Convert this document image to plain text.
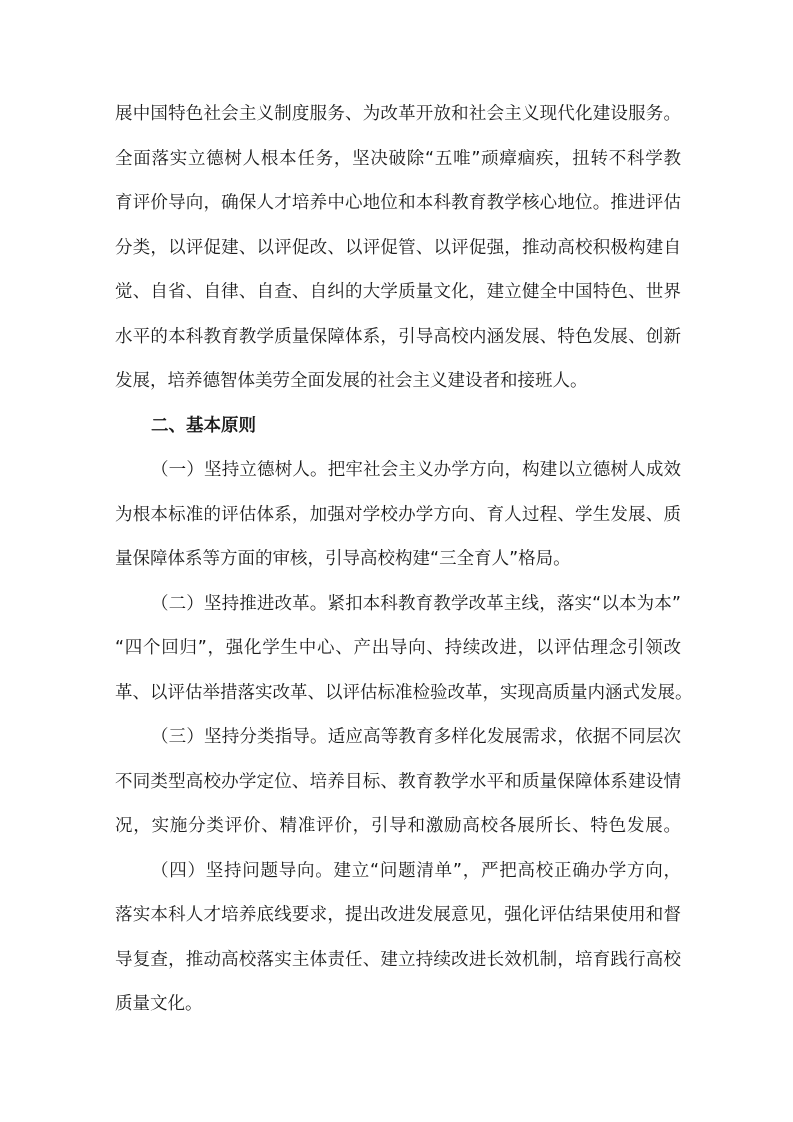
展中国特色社会主义制度服务、为改革开放和社会主义现代化建设服务。
全面落实立德树人根本任务，坚决破除“五唯”顽瘴痼疾，扭转不科学教
育评价导向，确保人才培养中心地位和本科教育教学核心地位。推进评估
分类，以评促建、以评促改、以评促管、以评促强，推动高校积极构建自
觉、自省、自律、自查、自纠的大学质量文化，建立健全中国特色、世界
水平的本科教育教学质量保障体系，引导高校内涵发展、特色发展、创新
发展，培养德智体美劳全面发展的社会主义建设者和接班人。
二、基本原则
（一）坚持立德树人。把牢社会主义办学方向，构建以立德树人成效
为根本标准的评估体系，加强对学校办学方向、育人过程、学生发展、质
量保障体系等方面的审核，引导高校构建“三全育人”格局。
（二）坚持推进改革。紧扣本科教育教学改革主线，落实“以本为本”
“四个回归”，强化学生中心、产出导向、持续改进，以评估理念引领改
革、以评估举措落实改革、以评估标准检验改革，实现高质量内涵式发展。
（三）坚持分类指导。适应高等教育多样化发展需求，依据不同层次
不同类型高校办学定位、培养目标、教育教学水平和质量保障体系建设情
况，实施分类评价、精准评价，引导和激励高校各展所长、特色发展。
（四）坚持问题导向。建立“问题清单”，严把高校正确办学方向，
落实本科人才培养底线要求，提出改进发展意见，强化评估结果使用和督
导复查，推动高校落实主体责任、建立持续改进长效机制，培育践行高校
质量文化。
